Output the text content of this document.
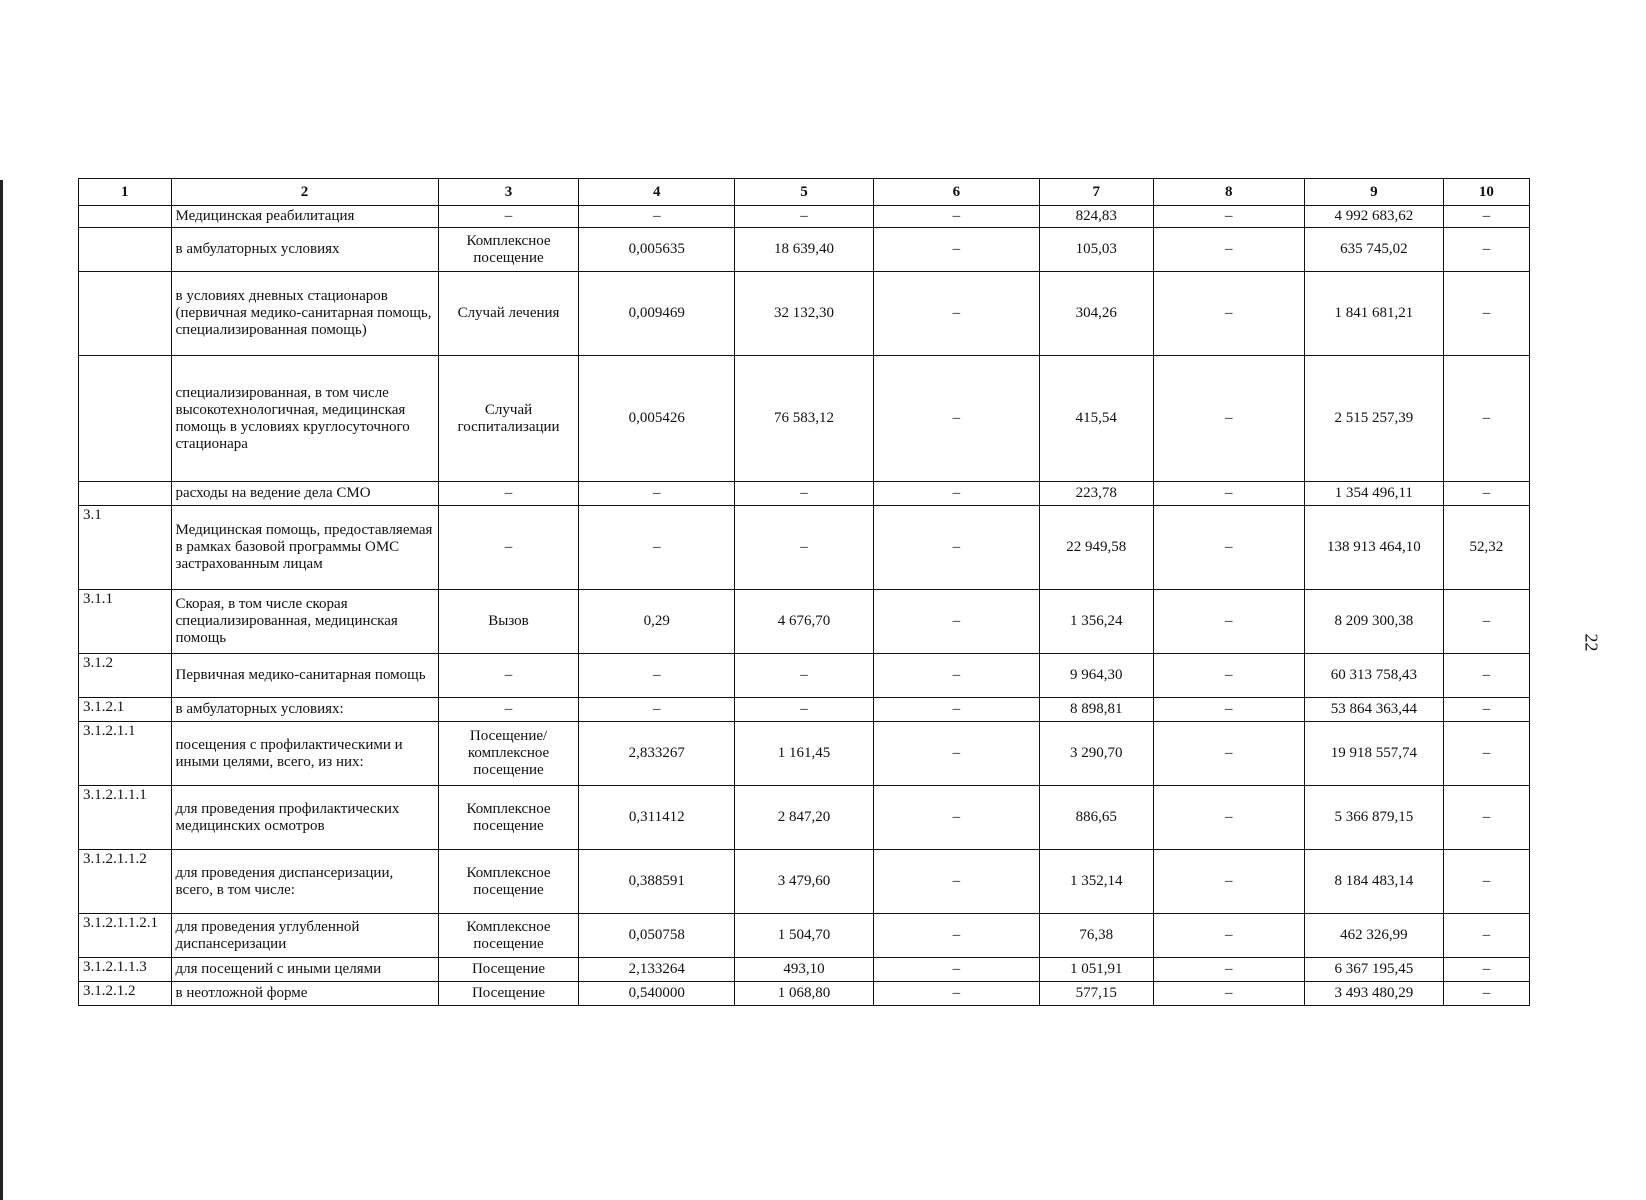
1	2	3	4	5	6	7	8	9	10
	Медицинская реабилитация	–	–	–	–	824,83	–	4 992 683,62	–
	в амбулаторных условиях	Комплексное посещение	0,005635	18 639,40	–	105,03	–	635 745,02	–
	в условиях дневных стационаров (первичная медико-санитарная помощь, специализированная помощь)	Случай лечения	0,009469	32 132,30	–	304,26	–	1 841 681,21	–
	специализированная, в том числе высокотехнологичная, медицинская помощь в условиях круглосуточного стационара	Случай госпитализации	0,005426	76 583,12	–	415,54	–	2 515 257,39	–
	расходы на ведение дела СМО	–	–	–	–	223,78	–	1 354 496,11	–
3.1	Медицинская помощь, предоставляемая в рамках базовой программы ОМС застрахованным лицам	–	–	–	–	22 949,58	–	138 913 464,10	52,32
3.1.1	Скорая, в том числе скорая специализированная, медицинская помощь	Вызов	0,29	4 676,70	–	1 356,24	–	8 209 300,38	–
3.1.2	Первичная медико-санитарная помощь	–	–	–	–	9 964,30	–	60 313 758,43	–
3.1.2.1	в амбулаторных условиях:	–	–	–	–	8 898,81	–	53 864 363,44	–
3.1.2.1.1	посещения с профилактическими и иными целями, всего, из них:	Посещение/ комплексное посещение	2,833267	1 161,45	–	3 290,70	–	19 918 557,74	–
3.1.2.1.1.1	для проведения профилактических медицинских осмотров	Комплексное посещение	0,311412	2 847,20	–	886,65	–	5 366 879,15	–
3.1.2.1.1.2	для проведения диспансеризации, всего, в том числе:	Комплексное посещение	0,388591	3 479,60	–	1 352,14	–	8 184 483,14	–
3.1.2.1.1.2.1	для проведения углубленной диспансеризации	Комплексное посещение	0,050758	1 504,70	–	76,38	–	462 326,99	–
3.1.2.1.1.3	для посещений с иными целями	Посещение	2,133264	493,10	–	1 051,91	–	6 367 195,45	–
3.1.2.1.2	в неотложной форме	Посещение	0,540000	1 068,80	–	577,15	–	3 493 480,29	–
22
